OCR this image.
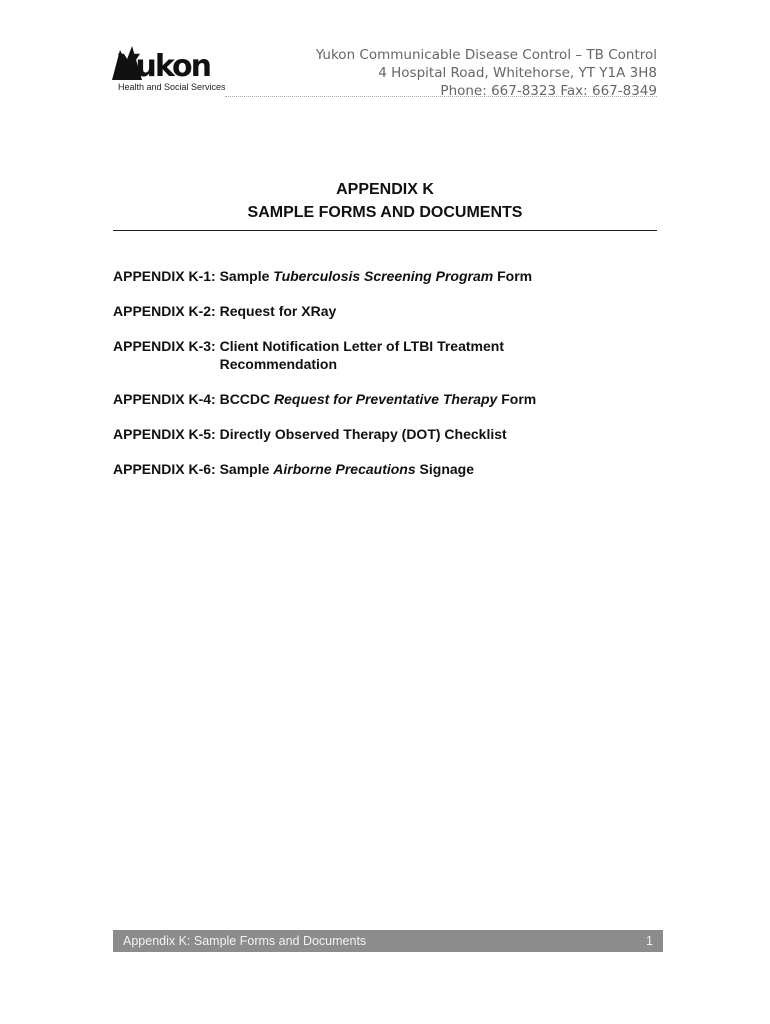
Yukon
Health and Social Services
Yukon Communicable Disease Control – TB Control
4 Hospital Road, Whitehorse, YT Y1A 3H8
Phone: 667-8323 Fax: 667-8349
APPENDIX K
SAMPLE FORMS AND DOCUMENTS
APPENDIX K-1: Sample Tuberculosis Screening Program Form
APPENDIX K-2: Request for XRay
APPENDIX K-3: Client Notification Letter of LTBI Treatment Recommendation
APPENDIX K-4: BCCDC Request for Preventative Therapy Form
APPENDIX K-5: Directly Observed Therapy (DOT) Checklist
APPENDIX K-6: Sample Airborne Precautions Signage
Appendix K: Sample Forms and Documents	1
